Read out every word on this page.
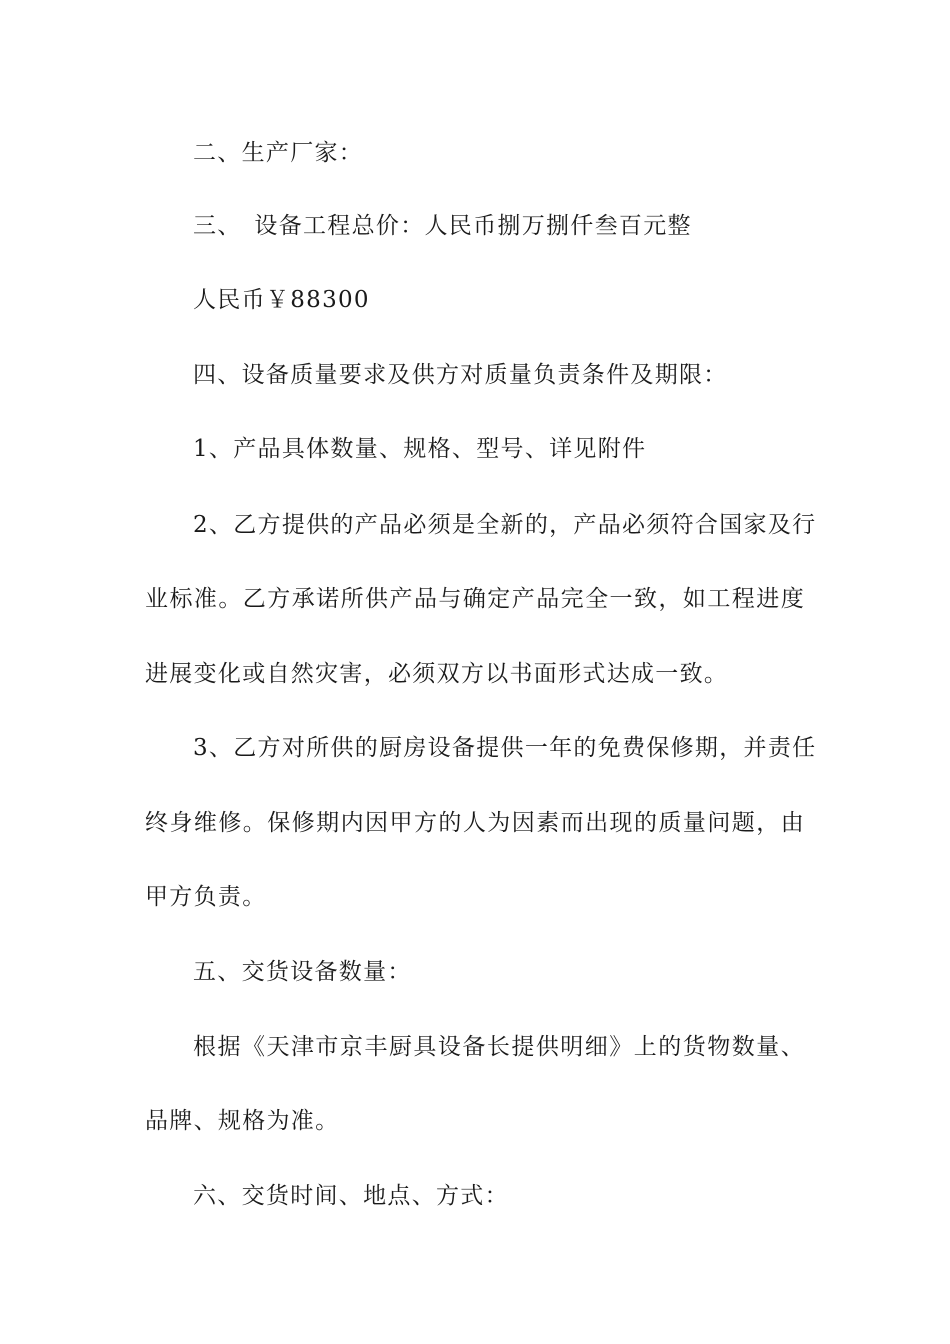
二、生产厂家：
三、　设备工程总价：人民币捌万捌仟叁百元整
人民币￥88300
四、设备质量要求及供方对质量负责条件及期限：
1、产品具体数量、规格、型号、详见附件
2、乙方提供的产品必须是全新的，产品必须符合国家及行
业标准。乙方承诺所供产品与确定产品完全一致，如工程进度
进展变化或自然灾害，必须双方以书面形式达成一致。
3、乙方对所供的厨房设备提供一年的免费保修期，并责任
终身维修。保修期内因甲方的人为因素而出现的质量问题，由
甲方负责。
五、交货设备数量：
根据《天津市京丰厨具设备长提供明细》上的货物数量、
品牌、规格为准。
六、交货时间、地点、方式：
